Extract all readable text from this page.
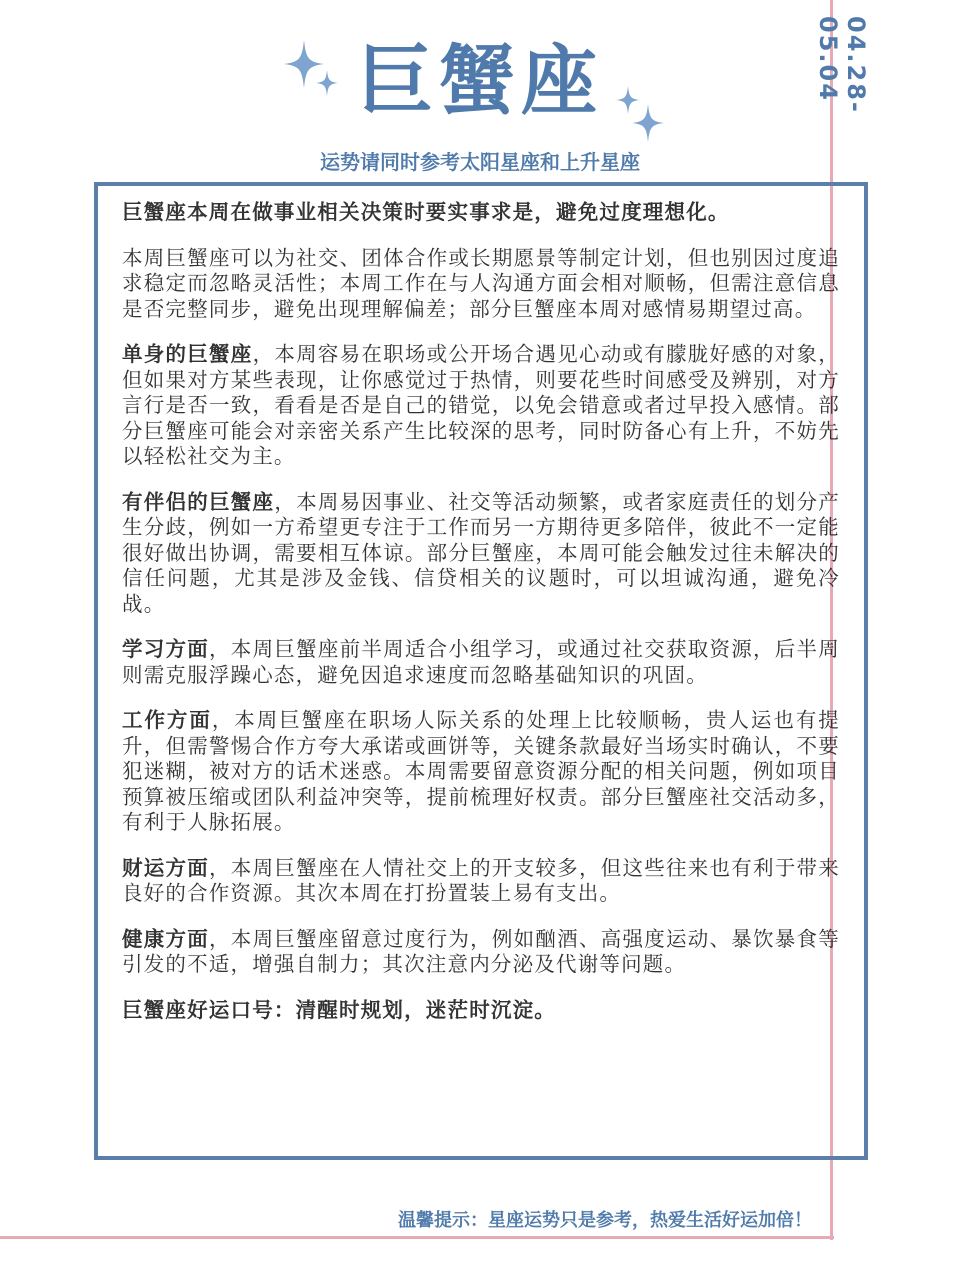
04.28-05.04
巨蟹座
运势请同时参考太阳星座和上升星座

巨蟹座本周在做事业相关决策时要实事求是，避免过度理想化。

本周巨蟹座可以为社交、团体合作或长期愿景等制定计划，但也别因过度追求稳定而忽略灵活性；本周工作在与人沟通方面会相对顺畅，但需注意信息是否完整同步，避免出现理解偏差；部分巨蟹座本周对感情易期望过高。

单身的巨蟹座，本周容易在职场或公开场合遇见心动或有朦胧好感的对象，但如果对方某些表现，让你感觉过于热情，则要花些时间感受及辨别，对方言行是否一致，看看是否是自己的错觉，以免会错意或者过早投入感情。部分巨蟹座可能会对亲密关系产生比较深的思考，同时防备心有上升，不妨先以轻松社交为主。

有伴侣的巨蟹座，本周易因事业、社交等活动频繁，或者家庭责任的划分产生分歧，例如一方希望更专注于工作而另一方期待更多陪伴，彼此不一定能很好做出协调，需要相互体谅。部分巨蟹座，本周可能会触发过往未解决的信任问题，尤其是涉及金钱、信贷相关的议题时，可以坦诚沟通，避免冷战。

学习方面，本周巨蟹座前半周适合小组学习，或通过社交获取资源，后半周则需克服浮躁心态，避免因追求速度而忽略基础知识的巩固。

工作方面，本周巨蟹座在职场人际关系的处理上比较顺畅，贵人运也有提升，但需警惕合作方夸大承诺或画饼等，关键条款最好当场实时确认，不要犯迷糊，被对方的话术迷惑。本周需要留意资源分配的相关问题，例如项目预算被压缩或团队利益冲突等，提前梳理好权责。部分巨蟹座社交活动多，有利于人脉拓展。

财运方面，本周巨蟹座在人情社交上的开支较多，但这些往来也有利于带来良好的合作资源。其次本周在打扮置装上易有支出。

健康方面，本周巨蟹座留意过度行为，例如酗酒、高强度运动、暴饮暴食等引发的不适，增强自制力；其次注意内分泌及代谢等问题。

巨蟹座好运口号：清醒时规划，迷茫时沉淀。

温馨提示：星座运势只是参考，热爱生活好运加倍！
